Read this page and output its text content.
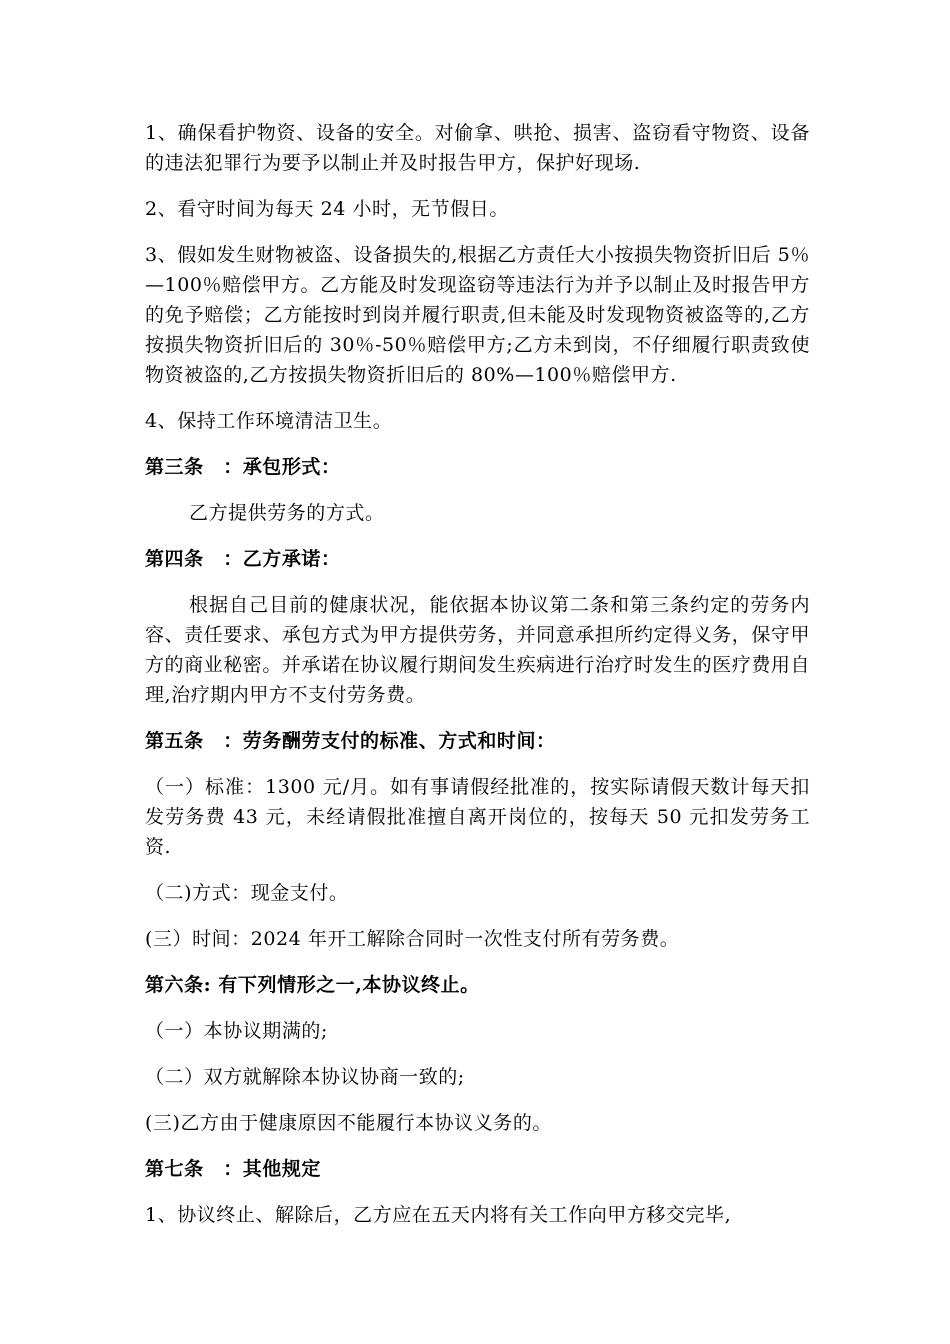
1、确保看护物资、设备的安全。对偷拿、哄抢、损害、盗窃看守物资、设备的违法犯罪行为要予以制止并及时报告甲方，保护好现场.

2、看守时间为每天 24 小时，无节假日。

3、假如发生财物被盗、设备损失的,根据乙方责任大小按损失物资折旧后 5％—100％赔偿甲方。乙方能及时发现盗窃等违法行为并予以制止及时报告甲方的免予赔偿；乙方能按时到岗并履行职责,但未能及时发现物资被盗等的,乙方按损失物资折旧后的 30％-50％赔偿甲方;乙方未到岗，不仔细履行职责致使物资被盗的,乙方按损失物资折旧后的 80%—100％赔偿甲方.

4、保持工作环境清洁卫生。

第三条　：承包形式：

乙方提供劳务的方式。

第四条　：乙方承诺：

根据自己目前的健康状况，能依据本协议第二条和第三条约定的劳务内容、责任要求、承包方式为甲方提供劳务，并同意承担所约定得义务，保守甲方的商业秘密。并承诺在协议履行期间发生疾病进行治疗时发生的医疗费用自理,治疗期内甲方不支付劳务费。

第五条　：劳务酬劳支付的标准、方式和时间：

（一）标准：1300 元/月。如有事请假经批准的，按实际请假天数计每天扣发劳务费 43 元，未经请假批准擅自离开岗位的，按每天 50 元扣发劳务工资.

（二)方式：现金支付。

(三）时间：2024 年开工解除合同时一次性支付所有劳务费。

第六条: 有下列情形之一,本协议终止。

（一）本协议期满的;

（二）双方就解除本协议协商一致的;

(三)乙方由于健康原因不能履行本协议义务的。

第七条　：其他规定

1、协议终止、解除后，乙方应在五天内将有关工作向甲方移交完毕,
